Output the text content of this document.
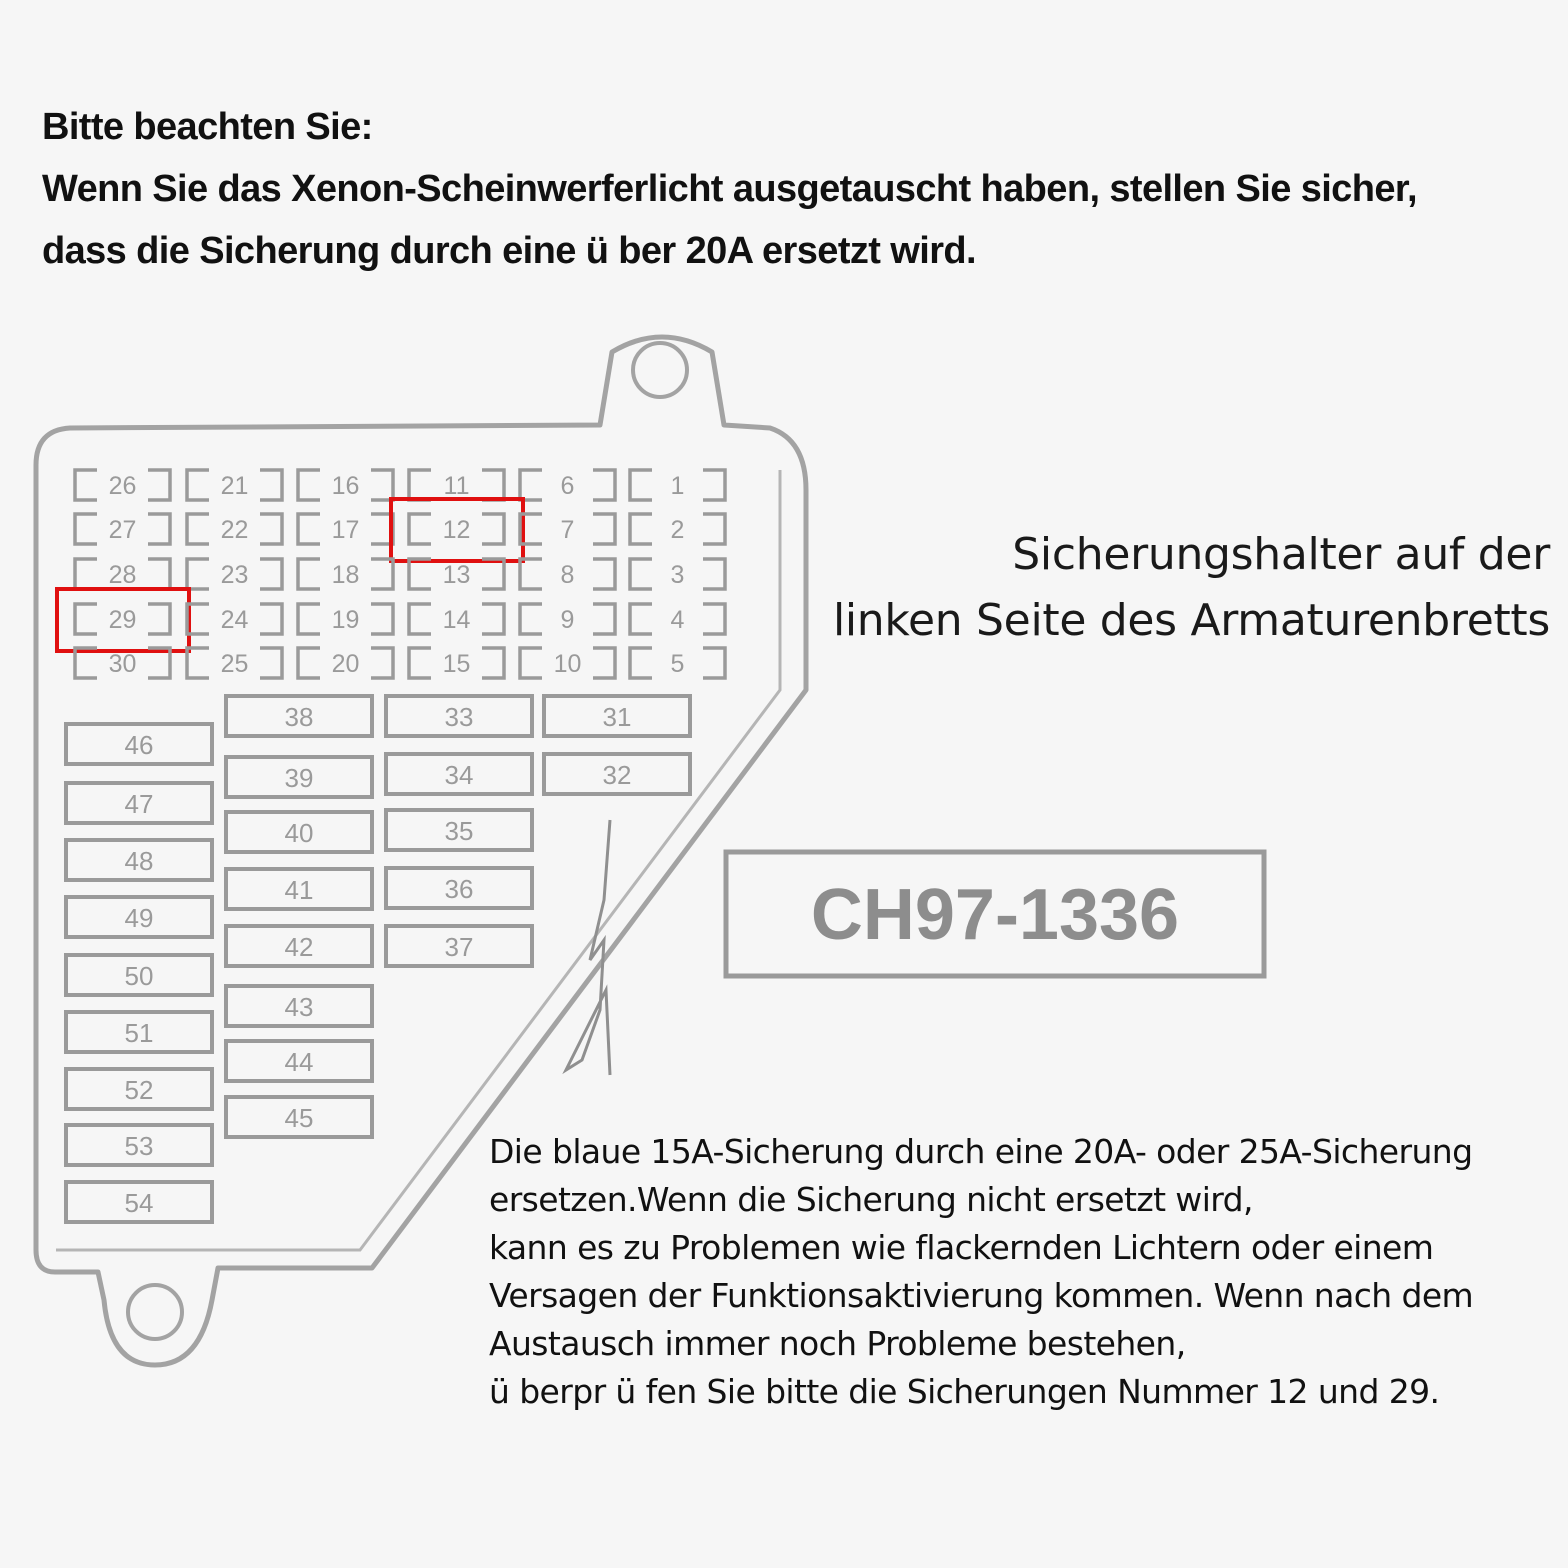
26	21	16	11	6	1
27	22	17	12	7	2
28	23	18	13	8	3
29	24	19	14	9	4
30	25	20	15	10	5
46
47
48
49
50
51
52
53
54
38
39
40
41
42
43
44
45
33
34
35
36
37
31
32
CH97-1336
Bitte beachten Sie:
Wenn Sie das Xenon-Scheinwerferlicht ausgetauscht haben, stellen Sie sicher,
dass die Sicherung durch eine ü ber 20A ersetzt wird.
Sicherungshalter auf der
linken Seite des Armaturenbretts
Die blaue 15A-Sicherung durch eine 20A- oder 25A-Sicherung
ersetzen.Wenn die Sicherung nicht ersetzt wird,
kann es zu Problemen wie flackernden Lichtern oder einem
Versagen der Funktionsaktivierung kommen. Wenn nach dem
Austausch immer noch Probleme bestehen,
ü berpr ü fen Sie bitte die Sicherungen Nummer 12 und 29.
